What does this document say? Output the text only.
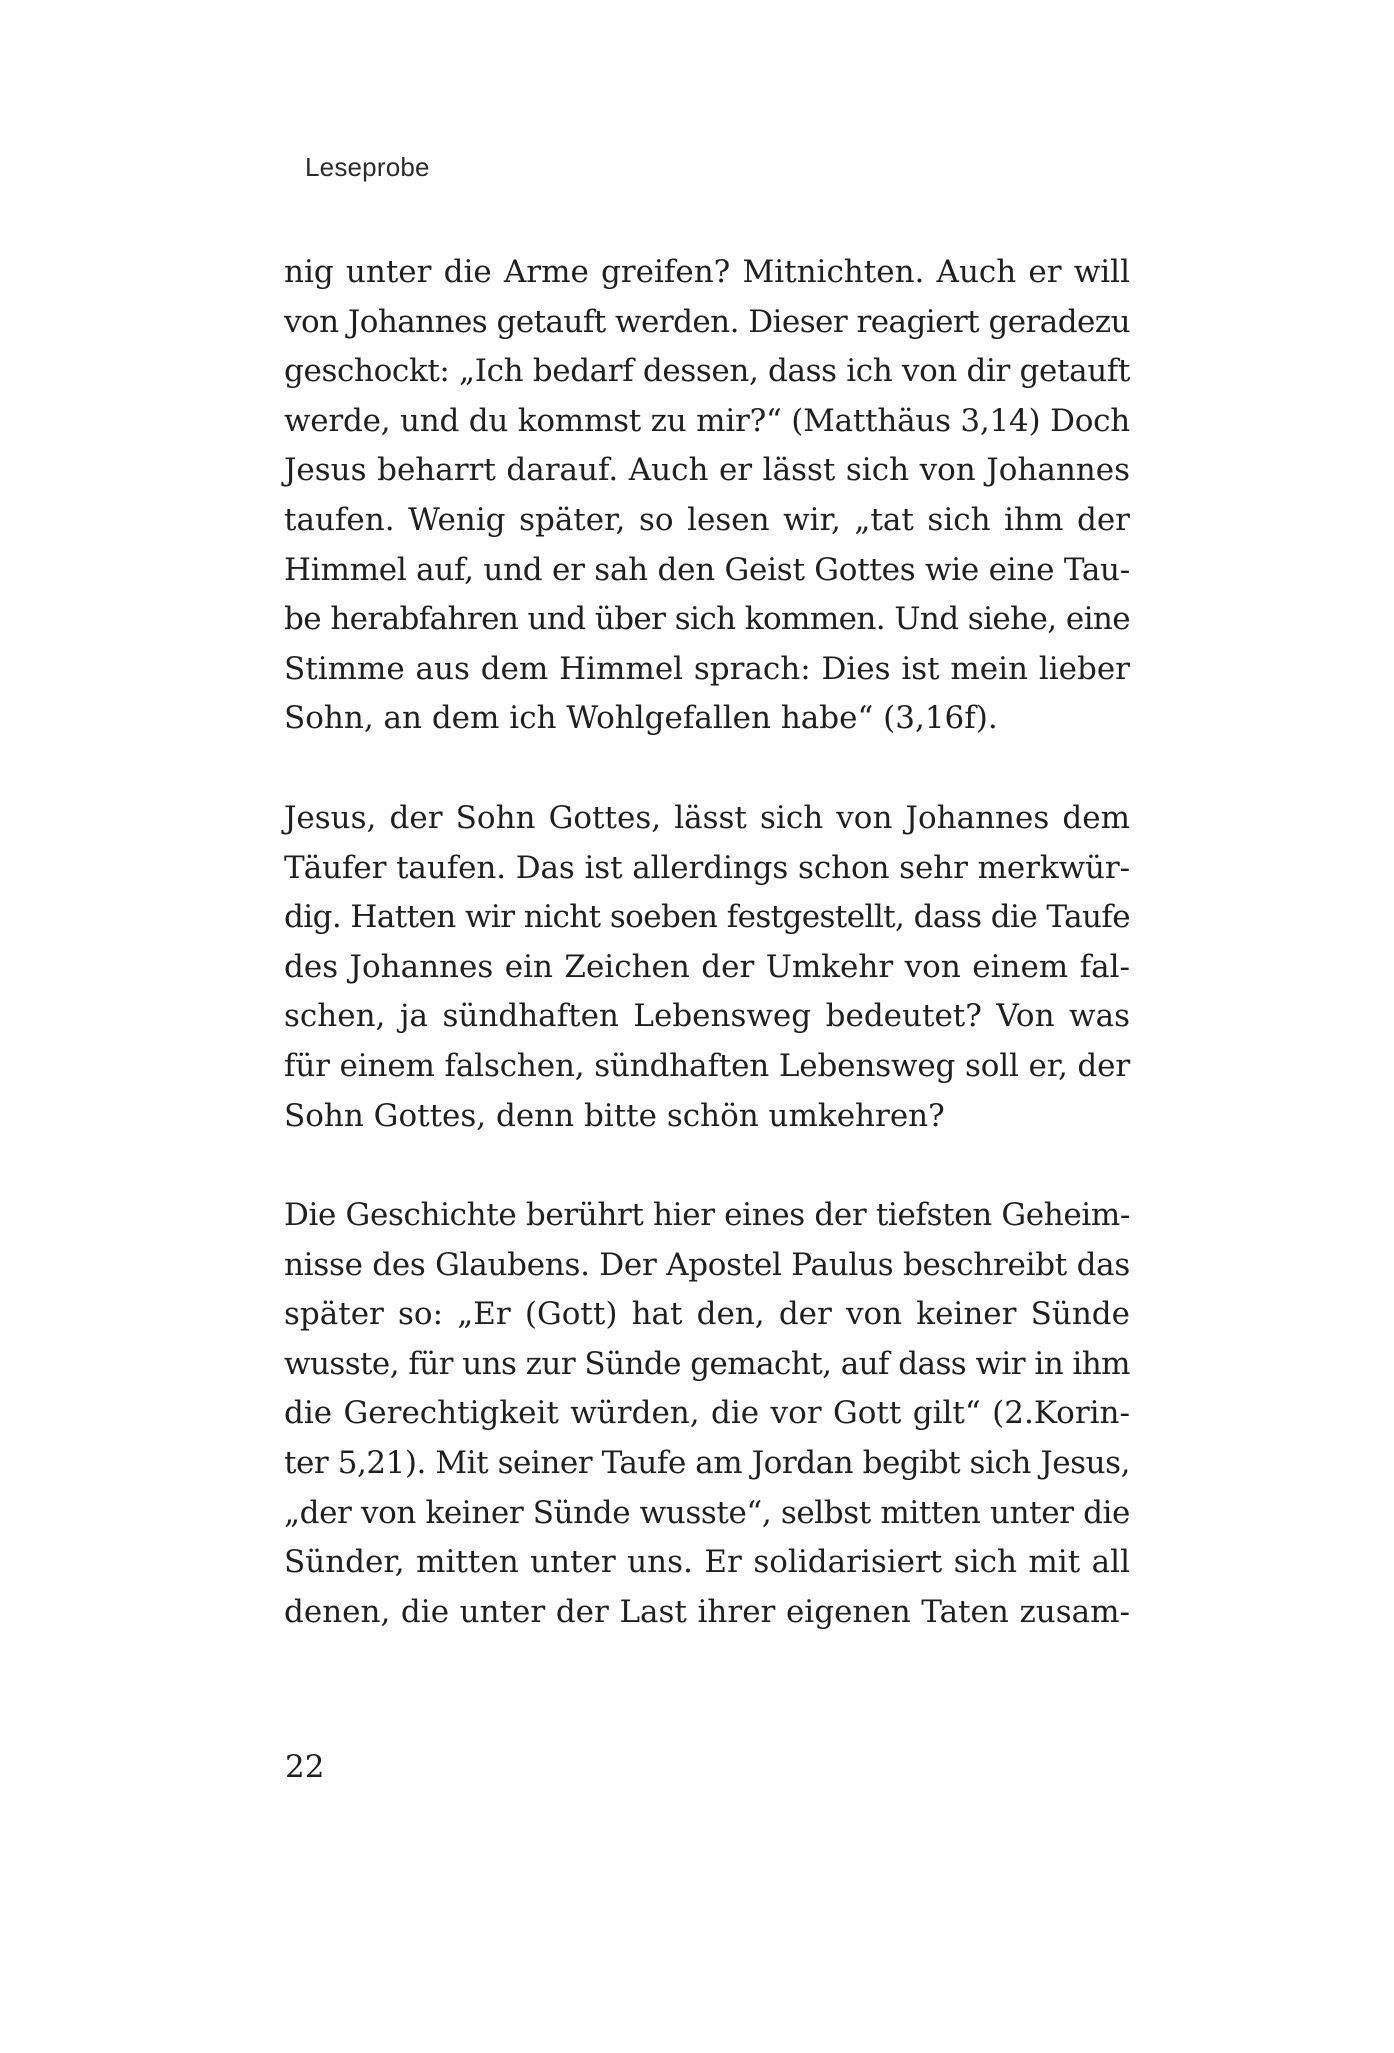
Leseprobe

nig unter die Arme greifen? Mitnichten. Auch er will
von Johannes getauft werden. Dieser reagiert geradezu
geschockt: „Ich bedarf dessen, dass ich von dir getauft
werde, und du kommst zu mir?“ (Matthäus 3,14) Doch
Jesus beharrt darauf. Auch er lässt sich von Johannes
taufen. Wenig später, so lesen wir, „tat sich ihm der
Himmel auf, und er sah den Geist Gottes wie eine Tau-
be herabfahren und über sich kommen. Und siehe, eine
Stimme aus dem Himmel sprach: Dies ist mein lieber
Sohn, an dem ich Wohlgefallen habe“ (3,16f).

Jesus, der Sohn Gottes, lässt sich von Johannes dem
Täufer taufen. Das ist allerdings schon sehr merkwür-
dig. Hatten wir nicht soeben festgestellt, dass die Taufe
des Johannes ein Zeichen der Umkehr von einem fal-
schen, ja sündhaften Lebensweg bedeutet? Von was
für einem falschen, sündhaften Lebensweg soll er, der
Sohn Gottes, denn bitte schön umkehren?

Die Geschichte berührt hier eines der tiefsten Geheim-
nisse des Glaubens. Der Apostel Paulus beschreibt das
später so: „Er (Gott) hat den, der von keiner Sünde
wusste, für uns zur Sünde gemacht, auf dass wir in ihm
die Gerechtigkeit würden, die vor Gott gilt“ (2.Korin-
ter 5,21). Mit seiner Taufe am Jordan begibt sich Jesus,
„der von keiner Sünde wusste“, selbst mitten unter die
Sünder, mitten unter uns. Er solidarisiert sich mit all
denen, die unter der Last ihrer eigenen Taten zusam-

22
